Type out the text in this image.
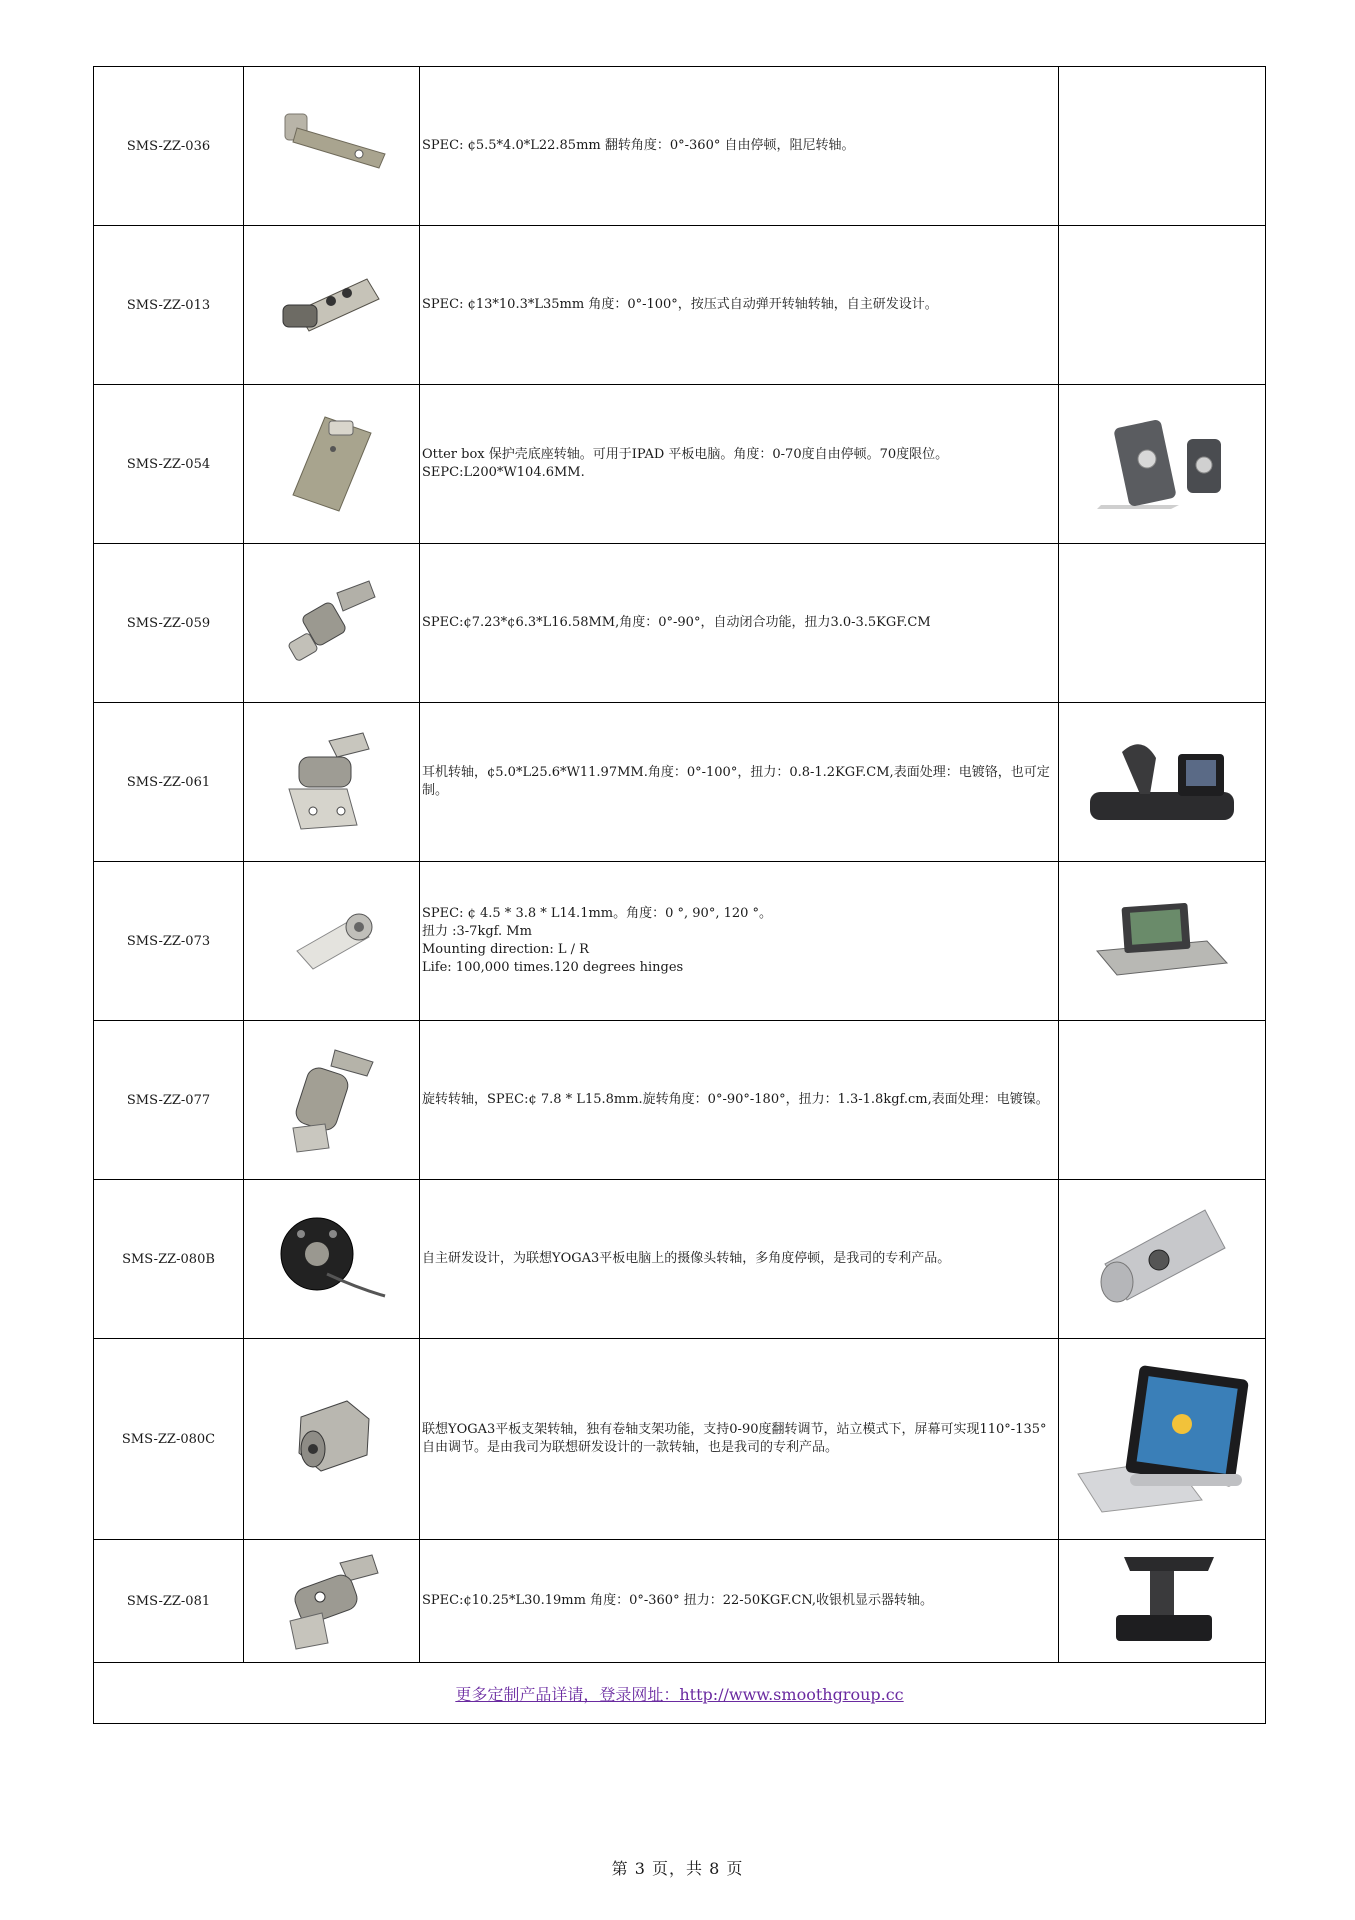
SMS-ZZ-036		SPEC: ¢5.5*4.0*L22.85mm 翻转角度：0°-360° 自由停顿，阻尼转轴。	
SMS-ZZ-013		SPEC: ¢13*10.3*L35mm 角度：0°-100°，按压式自动弹开转轴转轴，自主研发设计。	
SMS-ZZ-054		Otter box 保护壳底座转轴。可用于IPAD 平板电脑。角度：0-70度自由停顿。70度限位。
SEPC:L200*W104.6MM.	

SMS-ZZ-059		SPEC:¢7.23*¢6.3*L16.58MM,角度：0°-90°，自动闭合功能，扭力3.0-3.5KGF.CM	
SMS-ZZ-061		耳机转轴，¢5.0*L25.6*W11.97MM.角度：0°-100°，扭力：0.8-1.2KGF.CM,表面处理：电镀铬，也可定制。	

SMS-ZZ-073		SPEC: ¢ 4.5 * 3.8 * L14.1mm。角度：0 °, 90°, 120 °。
扭力 :3-7kgf. Mm
Mounting direction: L / R
Life: 100,000 times.120 degrees hinges	

SMS-ZZ-077		旋转转轴，SPEC:¢ 7.8 * L15.8mm.旋转角度：0°-90°-180°，扭力：1.3-1.8kgf.cm,表面处理：电镀镍。	
SMS-ZZ-080B		自主研发设计，为联想YOGA3平板电脑上的摄像头转轴，多角度停顿，是我司的专利产品。	

SMS-ZZ-080C		联想YOGA3平板支架转轴，独有卷轴支架功能，支持0-90度翻转调节，站立模式下，屏幕可实现110°-135°自由调节。是由我司为联想研发设计的一款转轴，也是我司的专利产品。	

SMS-ZZ-081		SPEC:¢10.25*L30.19mm 角度：0°-360° 扭力：22-50KGF.CN,收银机显示器转轴。	

更多定制产品详请，登录网址：http://www.smoothgroup.cc			
第 3 页，共 8 页
